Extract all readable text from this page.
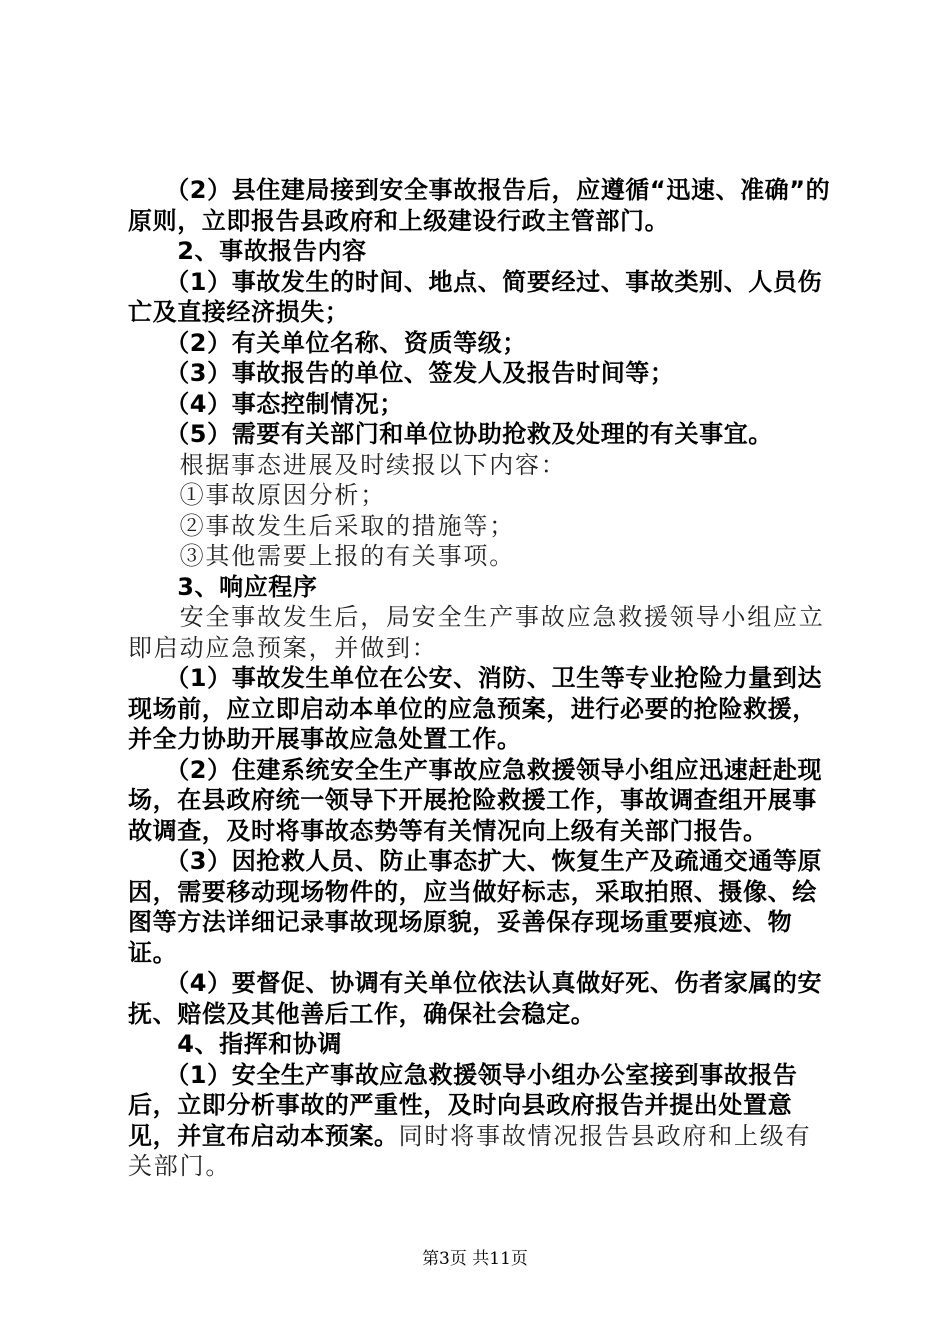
　　（2）县住建局接到安全事故报告后，应遵循“迅速、准确”的原则，立即报告县政府和上级建设行政主管部门。

　　2、事故报告内容

　　（1）事故发生的时间、地点、简要经过、事故类别、人员伤亡及直接经济损失；

　　（2）有关单位名称、资质等级；

　　（3）事故报告的单位、签发人及报告时间等；

　　（4）事态控制情况；

　　（5）需要有关部门和单位协助抢救及处理的有关事宜。

　　根据事态进展及时续报以下内容：

　　①事故原因分析；

　　②事故发生后采取的措施等；

　　③其他需要上报的有关事项。

　　3、响应程序

　　安全事故发生后，局安全生产事故应急救援领导小组应立即启动应急预案，并做到：

　　（1）事故发生单位在公安、消防、卫生等专业抢险力量到达现场前，应立即启动本单位的应急预案，进行必要的抢险救援，并全力协助开展事故应急处置工作。

　　（2）住建系统安全生产事故应急救援领导小组应迅速赶赴现场，在县政府统一领导下开展抢险救援工作，事故调查组开展事故调查，及时将事故态势等有关情况向上级有关部门报告。

　　（3）因抢救人员、防止事态扩大、恢复生产及疏通交通等原因，需要移动现场物件的，应当做好标志，采取拍照、摄像、绘图等方法详细记录事故现场原貌，妥善保存现场重要痕迹、物证。

　　（4）要督促、协调有关单位依法认真做好死、伤者家属的安抚、赔偿及其他善后工作，确保社会稳定。

　　4、指挥和协调

　　（1）安全生产事故应急救援领导小组办公室接到事故报告后，立即分析事故的严重性，及时向县政府报告并提出处置意见，并宣布启动本预案。同时将事故情况报告县政府和上级有关部门。

第3页 共11页
